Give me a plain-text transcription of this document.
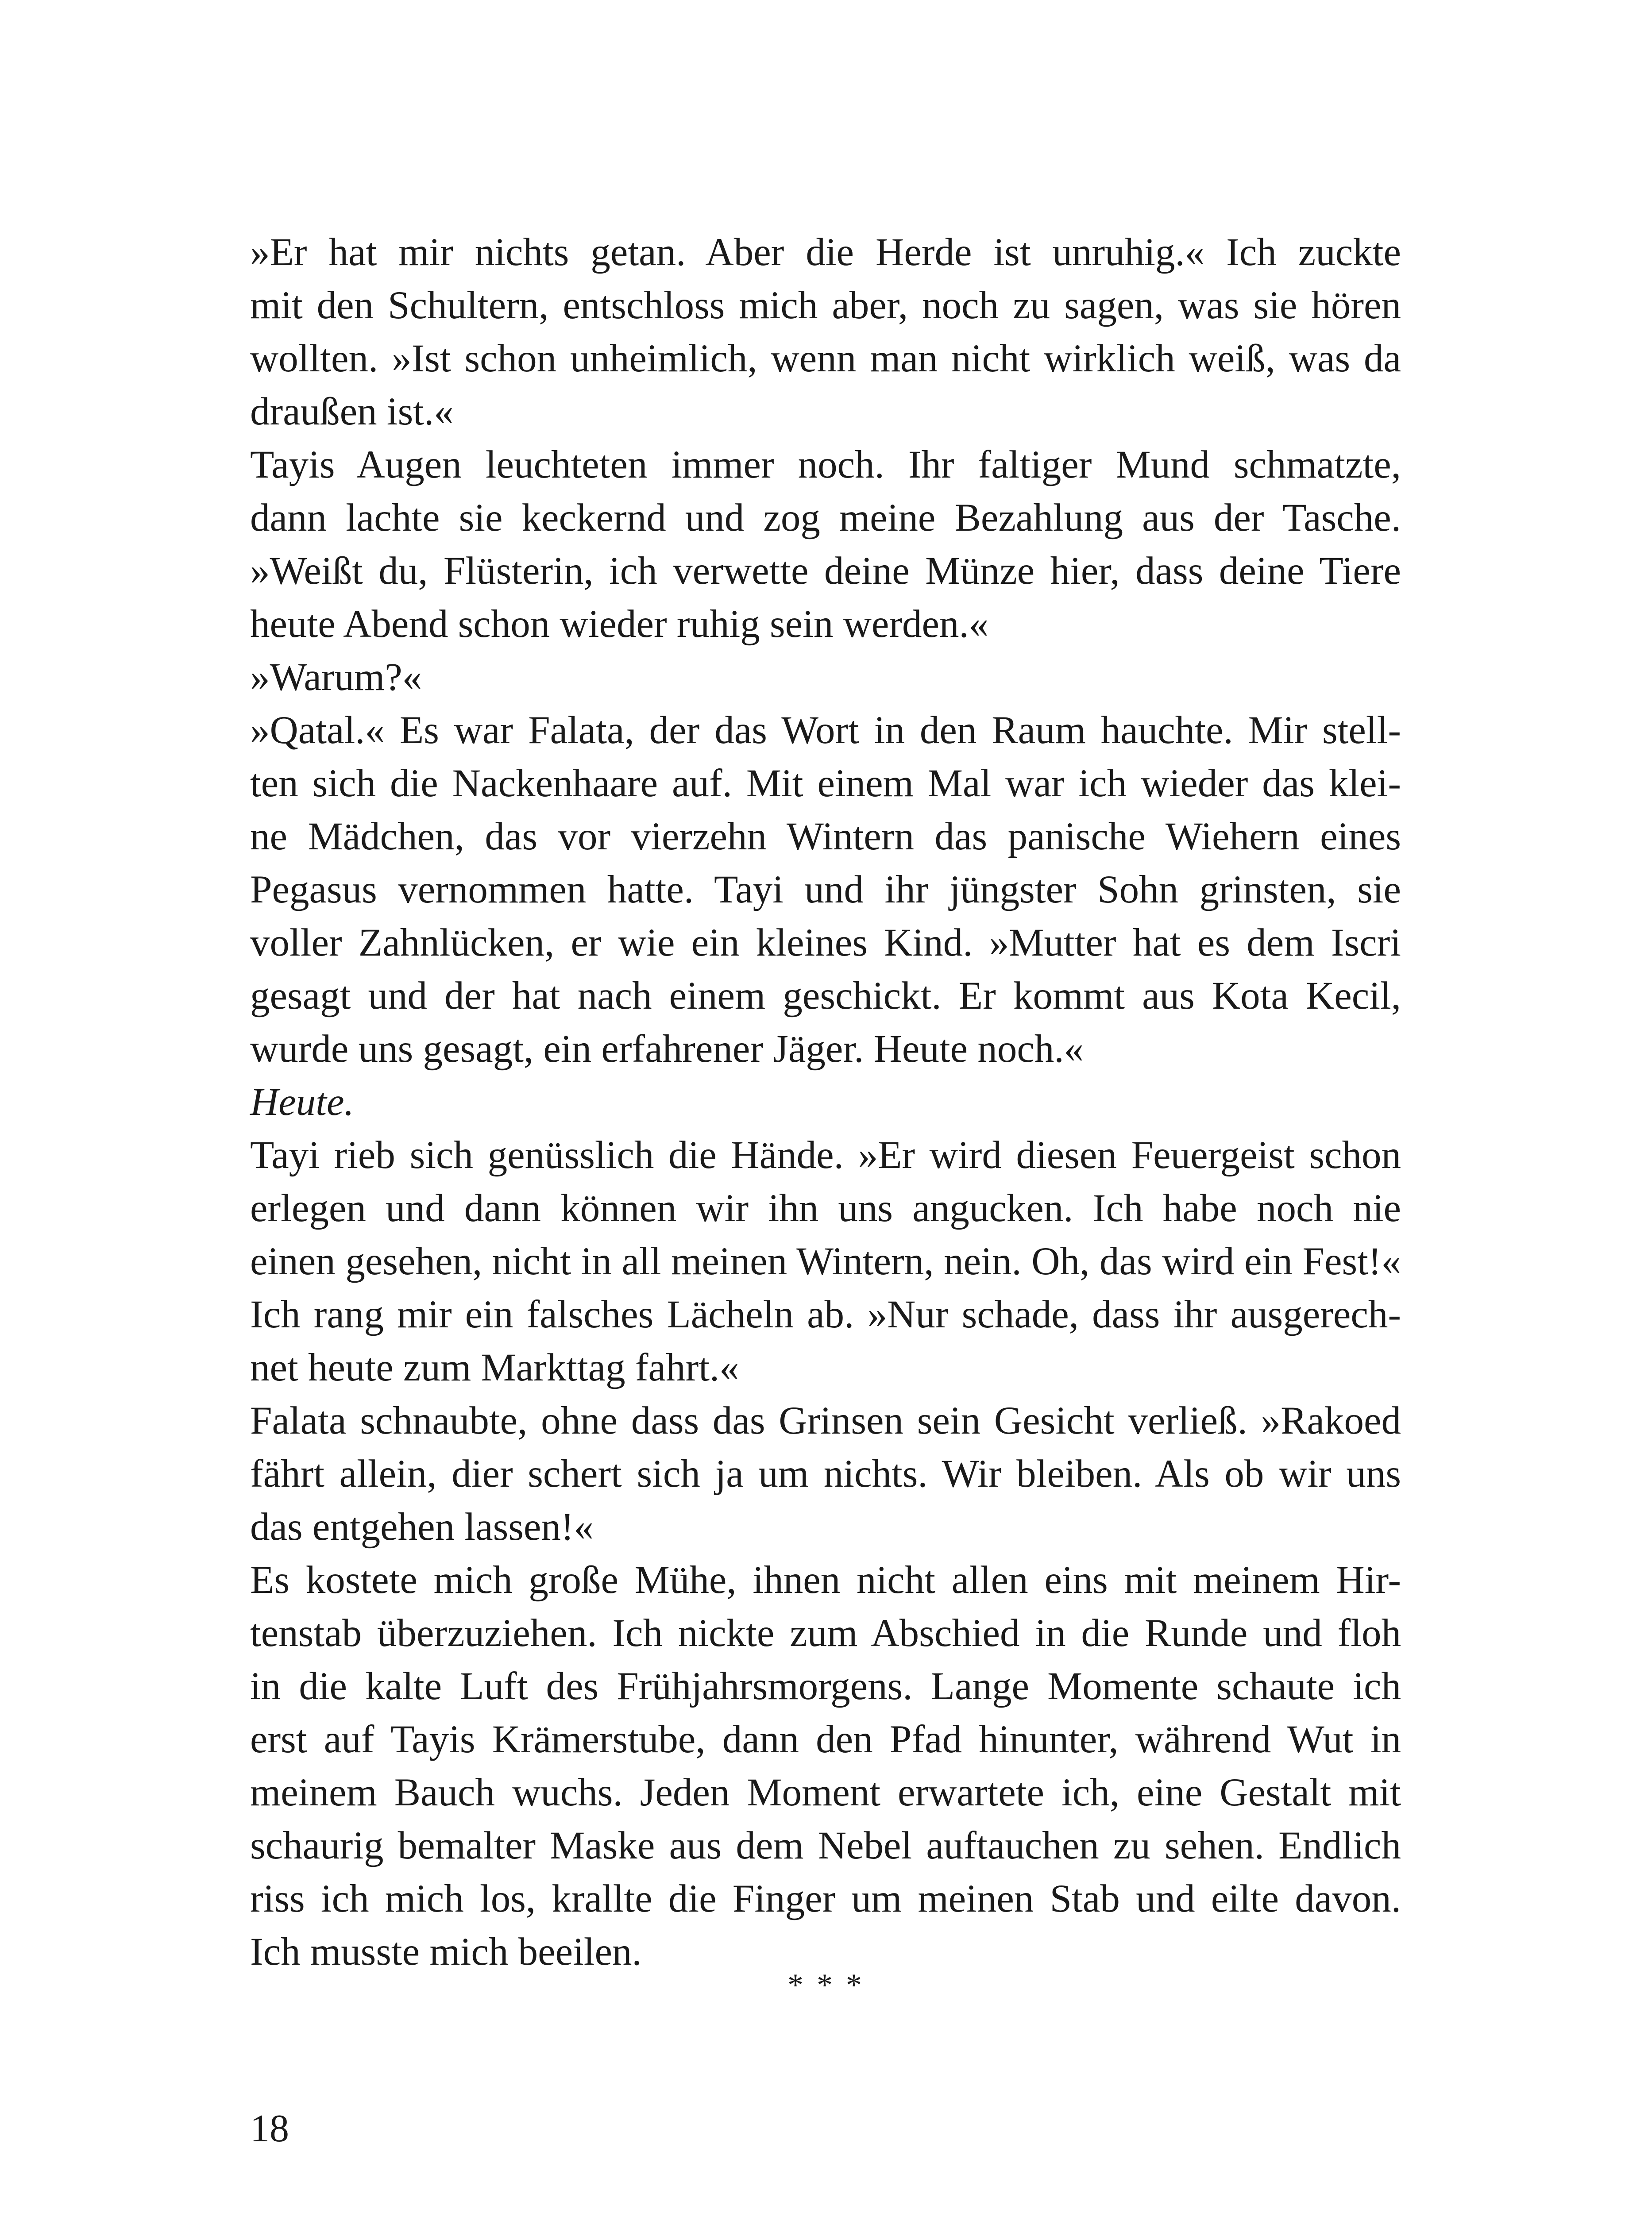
»Er hat mir nichts getan. Aber die Herde ist unruhig.« Ich zuckte
mit den Schultern, entschloss mich aber, noch zu sagen, was sie hören
wollten. »Ist schon unheimlich, wenn man nicht wirklich weiß, was da
draußen ist.«
Tayis Augen leuchteten immer noch. Ihr faltiger Mund schmatzte,
dann lachte sie keckernd und zog meine Bezahlung aus der Tasche.
»Weißt du, Flüsterin, ich verwette deine Münze hier, dass deine Tiere
heute Abend schon wieder ruhig sein werden.«
»Warum?«
»Qatal.« Es war Falata, der das Wort in den Raum hauchte. Mir stell-
ten sich die Nackenhaare auf. Mit einem Mal war ich wieder das klei-
ne Mädchen, das vor vierzehn Wintern das panische Wiehern eines
Pegasus vernommen hatte. Tayi und ihr jüngster Sohn grinsten, sie
voller Zahnlücken, er wie ein kleines Kind. »Mutter hat es dem Iscri
gesagt und der hat nach einem geschickt. Er kommt aus Kota Kecil,
wurde uns gesagt, ein erfahrener Jäger. Heute noch.«
Heute.
Tayi rieb sich genüsslich die Hände. »Er wird diesen Feuergeist schon
erlegen und dann können wir ihn uns angucken. Ich habe noch nie
einen gesehen, nicht in all meinen Wintern, nein. Oh, das wird ein Fest!«
Ich rang mir ein falsches Lächeln ab. »Nur schade, dass ihr ausgerech-
net heute zum Markttag fahrt.«
Falata schnaubte, ohne dass das Grinsen sein Gesicht verließ. »Rakoed
fährt allein, dier schert sich ja um nichts. Wir bleiben. Als ob wir uns
das entgehen lassen!«
Es kostete mich große Mühe, ihnen nicht allen eins mit meinem Hir-
tenstab überzuziehen. Ich nickte zum Abschied in die Runde und floh
in die kalte Luft des Frühjahrsmorgens. Lange Momente schaute ich
erst auf Tayis Krämerstube, dann den Pfad hinunter, während Wut in
meinem Bauch wuchs. Jeden Moment erwartete ich, eine Gestalt mit
schaurig bemalter Maske aus dem Nebel auftauchen zu sehen. Endlich
riss ich mich los, krallte die Finger um meinen Stab und eilte davon.
Ich musste mich beeilen.
* * *
18
